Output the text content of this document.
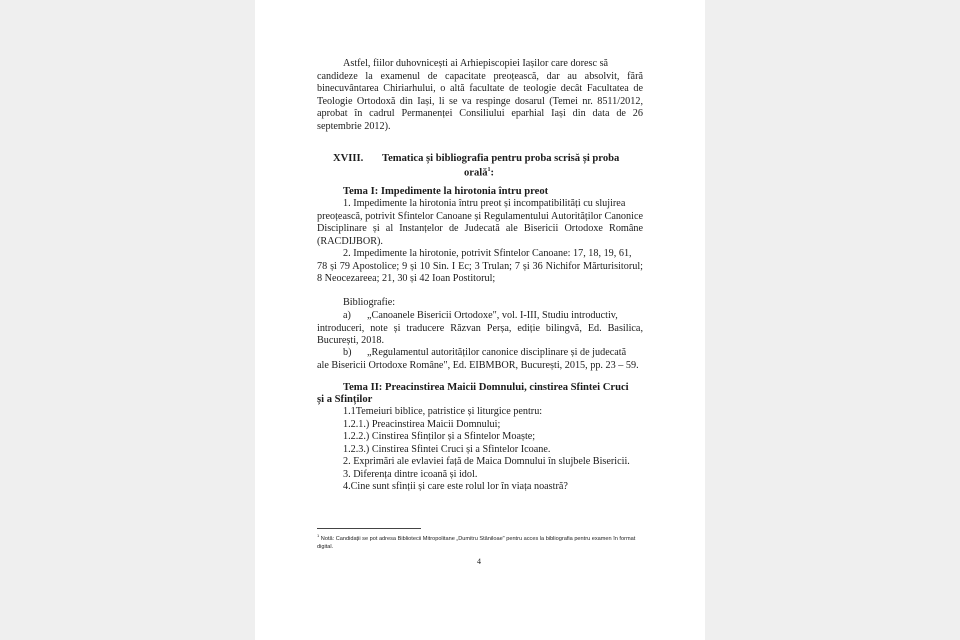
Astfel, fiilor duhovnicești ai Arhiepiscopiei Iașilor care doresc să
candideze la examenul de capacitate preoțească, dar au absolvit, fără binecuvântarea Chiriarhului, o altă facultate de teologie decât Facultatea de Teologie Ortodoxă din Iași, li se va respinge dosarul (Temei nr. 8511/2012, aprobat în cadrul Permanenței Consiliului eparhial Iași din data de 26 septembrie 2012).
XVIII. Tematica și bibliografia pentru proba scrisă și proba
orală$^1$:
Tema I: Impedimente la hirotonia întru preot
1. Impedimente la hirotonia întru preot și incompatibilități cu slujirea
preoțească, potrivit Sfintelor Canoane și Regulamentului Autorităților Canonice Disciplinare și al Instanțelor de Judecată ale Bisericii Ortodoxe Române (RACDIJBOR).
2. Impedimente la hirotonie, potrivit Sfintelor Canoane: 17, 18, 19, 61,
78 și 79 Apostolice; 9 și 10 Sin. I Ec; 3 Trulan; 7 și 36 Nichifor Mărturisitorul; 8 Neocezareea; 21, 30 și 42 Ioan Postitorul;
Bibliografie:
a) „Canoanele Bisericii Ortodoxe", vol. I-III, Studiu introductiv,
introduceri, note și traducere Răzvan Perșa, ediție bilingvă, Ed. Basilica, București, 2018.
b) „Regulamentul autorităților canonice disciplinare și de judecată
ale Bisericii Ortodoxe Române", Ed. EIBMBOR, București, 2015, pp. 23 – 59.
Tema II: Preacinstirea Maicii Domnului, cinstirea Sfintei Cruci
și a Sfinților
1.1Temeiuri biblice, patristice și liturgice pentru:
1.2.1.) Preacinstirea Maicii Domnului;
1.2.2.) Cinstirea Sfinților și a Sfintelor Moaște;
1.2.3.) Cinstirea Sfintei Cruci și a Sfintelor Icoane.
2. Exprimări ale evlaviei față de Maica Domnului în slujbele Bisericii.
3. Diferența dintre icoană și idol.
4.Cine sunt sfinții și care este rolul lor în viața noastră?
$^1$ Notă: Candidații se pot adresa Bibliotecii Mitropolitane „Dumitru Stăniloae" pentru acces la bibliografia pentru examen în format digital.
4
